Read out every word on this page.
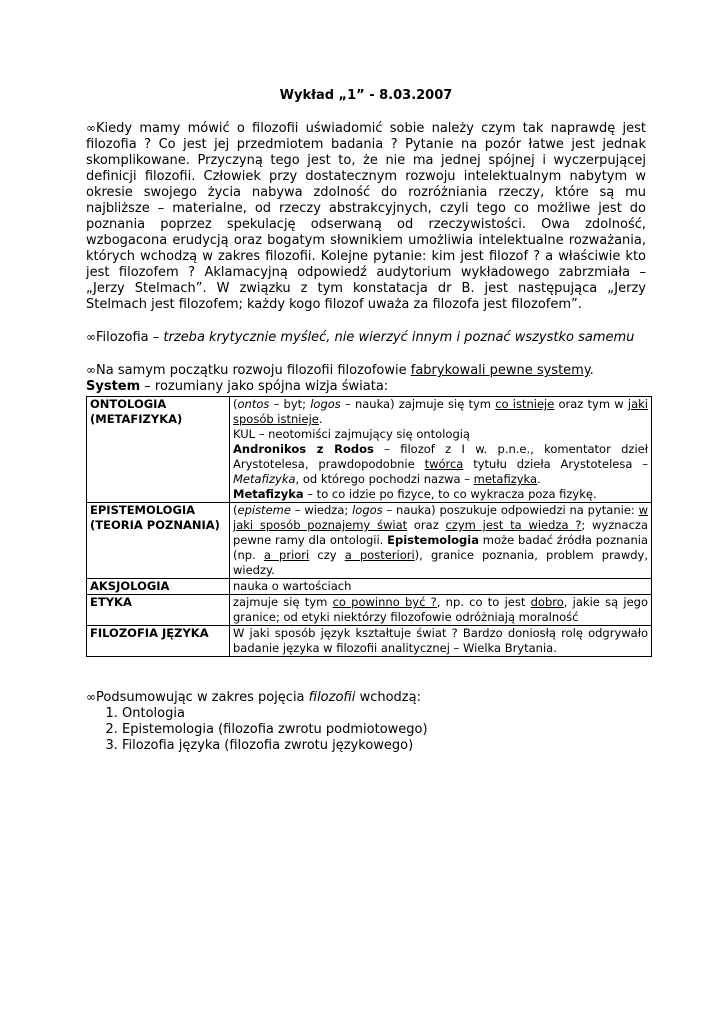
Wykład „1” - 8.03.2007

∞Kiedy mamy mówić o filozofii uświadomić sobie należy czym tak naprawdę jest filozofia ? Co jest jej przedmiotem badania ? Pytanie na pozór łatwe jest jednak skomplikowane. Przyczyną tego jest to, że nie ma jednej spójnej i wyczerpującej definicji filozofii. Człowiek przy dostatecznym rozwoju intelektualnym nabytym w okresie swojego życia nabywa zdolność do rozróżniania rzeczy, które są mu najbliższe – materialne, od rzeczy abstrakcyjnych, czyli tego co możliwe jest do poznania poprzez spekulację odserwaną od rzeczywistości. Owa zdolność, wzbogacona erudycją oraz bogatym słownikiem umożliwia intelektualne rozważania, których wchodzą w zakres filozofii. Kolejne pytanie: kim jest filozof ? a właściwie kto jest filozofem ? Aklamacyjną odpowiedź audytorium wykładowego zabrzmiała – „Jerzy Stelmach”. W związku z tym konstatacja dr B. jest następująca „Jerzy Stelmach jest filozofem; każdy kogo filozof uważa za filozofa jest filozofem”.

∞Filozofia – trzeba krytycznie myśleć, nie wierzyć innym i poznać wszystko samemu

∞Na samym początku rozwoju filozofii filozofowie fabrykowali pewne systemy.

System – rozumiany jako spójna wizja świata:

ONTOLOGIA
(METAFIZYKA)	(ontos – byt; logos – nauka) zajmuje się tym co istnieje oraz tym w jaki sposób istnieje.
KUL – neotomiści zajmujący się ontologią
Andronikos z Rodos – filozof z I w. p.n.e., komentator dzieł Arystotelesa, prawdopodobnie twórca tytułu dzieła Arystotelesa – Metafizyka, od którego pochodzi nazwa – metafizyka.
Metafizyka – to co idzie po fizyce, to co wykracza poza fizykę.
EPISTEMOLOGIA
(TEORIA POZNANIA)	(episteme – wiedza; logos – nauka) poszukuje odpowiedzi na pytanie: w jaki sposób poznajemy świat oraz czym jest ta wiedza ?; wyznacza pewne ramy dla ontologii. Epistemologia może badać źródła poznania (np. a priori czy a posteriori), granice poznania, problem prawdy, wiedzy.
AKSJOLOGIA	nauka o wartościach
ETYKA	zajmuje się tym co powinno być ?, np. co to jest dobro, jakie są jego granice; od etyki niektórzy filozofowie odróżniają moralność
FILOZOFIA JĘZYKA	W jaki sposób język kształtuje świat ? Bardzo doniosłą rolę odgrywało badanie języka w filozofii analitycznej – Wielka Brytania.

∞Podsumowując w zakres pojęcia filozofii wchodzą:

1. Ontologia
2. Epistemologia (filozofia zwrotu podmiotowego)
3. Filozofia języka (filozofia zwrotu językowego)
